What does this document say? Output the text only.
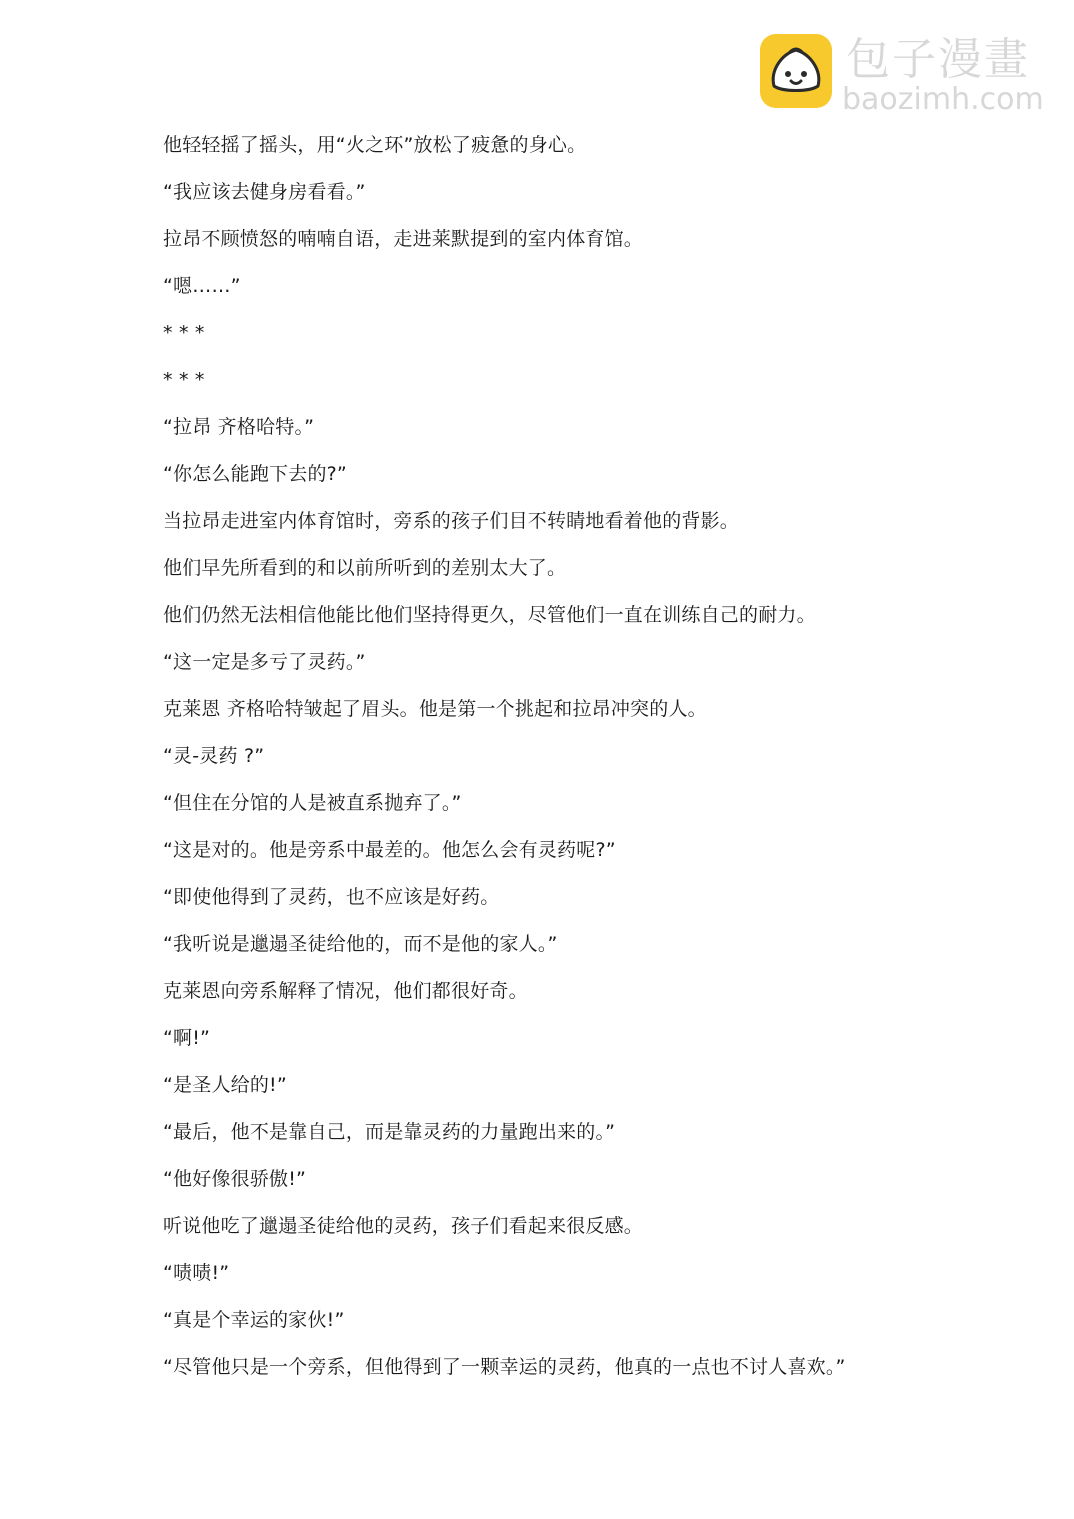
包子漫畫
baozimh.com

他轻轻摇了摇头，用“火之环”放松了疲惫的身心。

“我应该去健身房看看。”

拉昂不顾愤怒的喃喃自语，走进莱默提到的室内体育馆。

“嗯……”

* * *

* * *

“拉昂 齐格哈特。”

“你怎么能跑下去的?”

当拉昂走进室内体育馆时，旁系的孩子们目不转睛地看着他的背影。

他们早先所看到的和以前所听到的差别太大了。

他们仍然无法相信他能比他们坚持得更久，尽管他们一直在训练自己的耐力。

“这一定是多亏了灵药。”

克莱恩 齐格哈特皱起了眉头。他是第一个挑起和拉昂冲突的人。

“灵-灵药 ?”

“但住在分馆的人是被直系抛弃了。”

“这是对的。他是旁系中最差的。他怎么会有灵药呢?”

“即使他得到了灵药，也不应该是好药。

“我听说是邋遢圣徒给他的，而不是他的家人。”

克莱恩向旁系解释了情况，他们都很好奇。

“啊!”

“是圣人给的!”

“最后，他不是靠自己，而是靠灵药的力量跑出来的。”

“他好像很骄傲!”

听说他吃了邋遢圣徒给他的灵药，孩子们看起来很反感。

“啧啧!”

“真是个幸运的家伙!”

“尽管他只是一个旁系，但他得到了一颗幸运的灵药，他真的一点也不讨人喜欢。”
